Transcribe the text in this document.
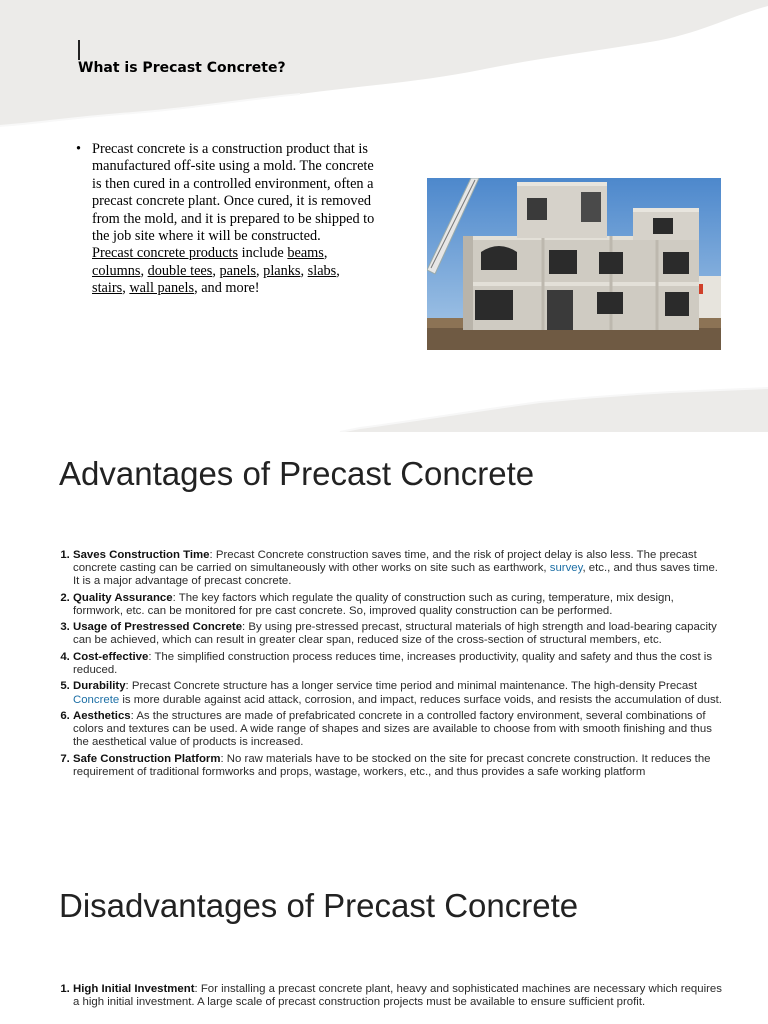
What is Precast Concrete?
• Precast concrete is a construction product that is manufactured off-site using a mold. The concrete is then cured in a controlled environment, often a precast concrete plant. Once cured, it is removed from the mold, and it is prepared to be shipped to the job site where it will be constructed.
Precast concrete products include beams, columns, double tees, panels, planks, slabs, stairs, wall panels, and more!
Advantages of Precast Concrete
1. Saves Construction Time: Precast Concrete construction saves time, and the risk of project delay is also less. The precast concrete casting can be carried on simultaneously with other works on site such as earthwork, survey, etc., and thus saves time. It is a major advantage of precast concrete.
2. Quality Assurance: The key factors which regulate the quality of construction such as curing, temperature, mix design, formwork, etc. can be monitored for pre cast concrete. So, improved quality construction can be performed.
3. Usage of Prestressed Concrete: By using pre-stressed precast, structural materials of high strength and load-bearing capacity can be achieved, which can result in greater clear span, reduced size of the cross-section of structural members, etc.
4. Cost-effective: The simplified construction process reduces time, increases productivity, quality and safety and thus the cost is reduced.
5. Durability: Precast Concrete structure has a longer service time period and minimal maintenance. The high-density Precast Concrete is more durable against acid attack, corrosion, and impact, reduces surface voids, and resists the accumulation of dust.
6. Aesthetics: As the structures are made of prefabricated concrete in a controlled factory environment, several combinations of colors and textures can be used. A wide range of shapes and sizes are available to choose from with smooth finishing and thus the aesthetical value of products is increased.
7. Safe Construction Platform: No raw materials have to be stocked on the site for precast concrete construction. It reduces the requirement of traditional formworks and props, wastage, workers, etc., and thus provides a safe working platform
Disadvantages of Precast Concrete
1. High Initial Investment: For installing a precast concrete plant, heavy and sophisticated machines are necessary which requires a high initial investment. A large scale of precast construction projects must be available to ensure sufficient profit.
